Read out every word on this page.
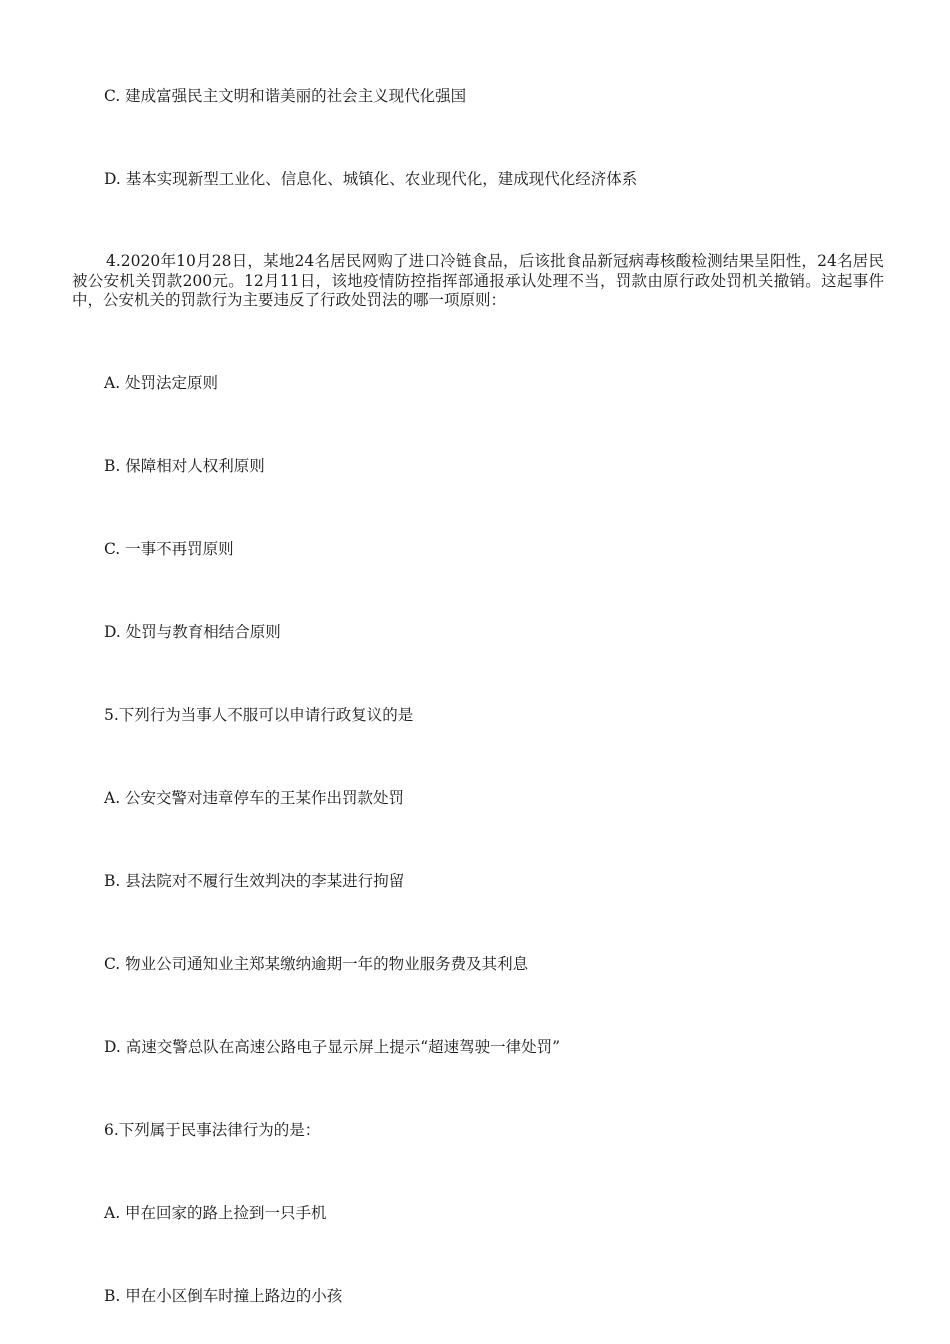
C. 建成富强民主文明和谐美丽的社会主义现代化强国
D. 基本实现新型工业化、信息化、城镇化、农业现代化，建成现代化经济体系
4.2020年10月28日，某地24名居民网购了进口冷链食品，后该批食品新冠病毒核酸检测结果呈阳性，24名居民被公安机关罚款200元。12月11日，该地疫情防控指挥部通报承认处理不当，罚款由原行政处罚机关撤销。这起事件中，公安机关的罚款行为主要违反了行政处罚法的哪一项原则：
A. 处罚法定原则
B. 保障相对人权利原则
C. 一事不再罚原则
D. 处罚与教育相结合原则
5.下列行为当事人不服可以申请行政复议的是
A. 公安交警对违章停车的王某作出罚款处罚
B. 县法院对不履行生效判决的李某进行拘留
C. 物业公司通知业主郑某缴纳逾期一年的物业服务费及其利息
D. 高速交警总队在高速公路电子显示屏上提示“超速驾驶一律处罚”
6.下列属于民事法律行为的是：
A. 甲在回家的路上捡到一只手机
B. 甲在小区倒车时撞上路边的小孩
